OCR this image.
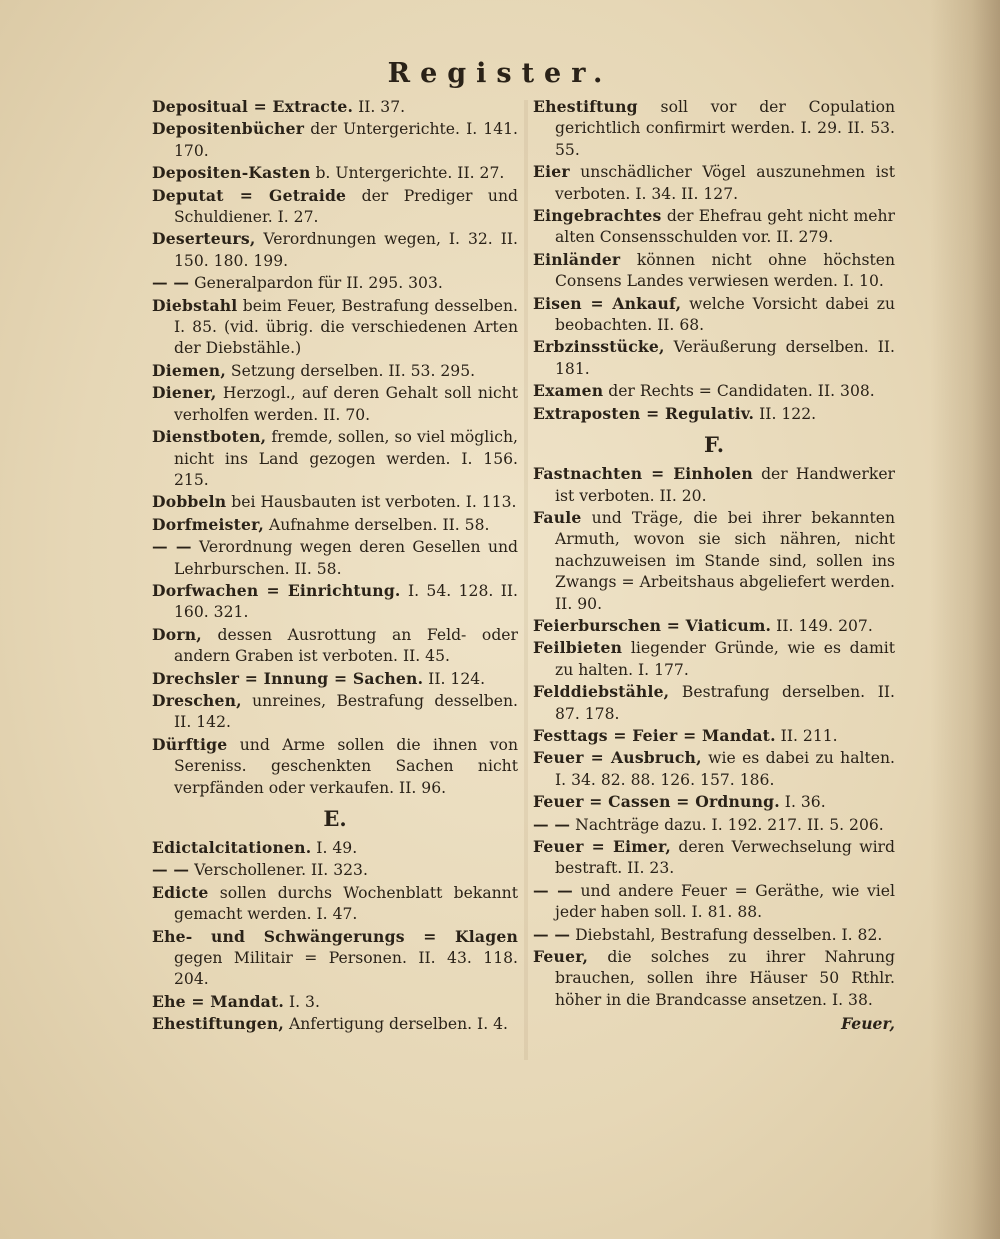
Register.

Depositual = Extracte. II. 37.

Depositenbücher der Untergerichte. I. 141. 170.

Depositen-Kasten b. Untergerichte. II. 27.

Deputat = Getraide der Prediger und Schuldiener. I. 27.

Deserteurs, Verordnungen wegen, I. 32. II. 150. 180. 199.

— — Generalpardon für II. 295. 303.

Diebstahl beim Feuer, Bestrafung desselben. I. 85. (vid. übrig. die verschiedenen Arten der Diebstähle.)

Diemen, Setzung derselben. II. 53. 295.

Diener, Herzogl., auf deren Gehalt soll nicht verholfen werden. II. 70.

Dienstboten, fremde, sollen, so viel möglich, nicht ins Land gezogen werden. I. 156. 215.

Dobbeln bei Hausbauten ist verboten. I. 113.

Dorfmeister, Aufnahme derselben. II. 58.

— — Verordnung wegen deren Gesellen und Lehrburschen. II. 58.

Dorfwachen = Einrichtung. I. 54. 128. II. 160. 321.

Dorn, dessen Ausrottung an Feld- oder andern Graben ist verboten. II. 45.

Drechsler = Innung = Sachen. II. 124.

Dreschen, unreines, Bestrafung desselben. II. 142.

Dürftige und Arme sollen die ihnen von Sereniss. geschenkten Sachen nicht verpfänden oder verkaufen. II. 96.

E.

Edictalcitationen. I. 49.

— — Verschollener. II. 323.

Edicte sollen durchs Wochenblatt bekannt gemacht werden. I. 47.

Ehe- und Schwängerungs = Klagen gegen Militair = Personen. II. 43. 118. 204.

Ehe = Mandat. I. 3.

Ehestiftungen, Anfertigung derselben. I. 4.

Ehestiftung soll vor der Copulation gerichtlich confirmirt werden. I. 29. II. 53. 55.

Eier unschädlicher Vögel auszunehmen ist verboten. I. 34. II. 127.

Eingebrachtes der Ehefrau geht nicht mehr alten Consensschulden vor. II. 279.

Einländer können nicht ohne höchsten Consens Landes verwiesen werden. I. 10.

Eisen = Ankauf, welche Vorsicht dabei zu beobachten. II. 68.

Erbzinsstücke, Veräußerung derselben. II. 181.

Examen der Rechts = Candidaten. II. 308.

Extraposten = Regulativ. II. 122.

F.

Fastnachten = Einholen der Handwerker ist verboten. II. 20.

Faule und Träge, die bei ihrer bekannten Armuth, wovon sie sich nähren, nicht nachzuweisen im Stande sind, sollen ins Zwangs = Arbeitshaus abgeliefert werden. II. 90.

Feierburschen = Viaticum. II. 149. 207.

Feilbieten liegender Gründe, wie es damit zu halten. I. 177.

Felddiebstähle, Bestrafung derselben. II. 87. 178.

Festtags = Feier = Mandat. II. 211.

Feuer = Ausbruch, wie es dabei zu halten. I. 34. 82. 88. 126. 157. 186.

Feuer = Cassen = Ordnung. I. 36.

— — Nachträge dazu. I. 192. 217. II. 5. 206.

Feuer = Eimer, deren Verwechselung wird bestraft. II. 23.

— — und andere Feuer = Geräthe, wie viel jeder haben soll. I. 81. 88.

— — Diebstahl, Bestrafung desselben. I. 82.

Feuer, die solches zu ihrer Nahrung brauchen, sollen ihre Häuser 50 Rthlr. höher in die Brandcasse ansetzen. I. 38.

Feuer,
